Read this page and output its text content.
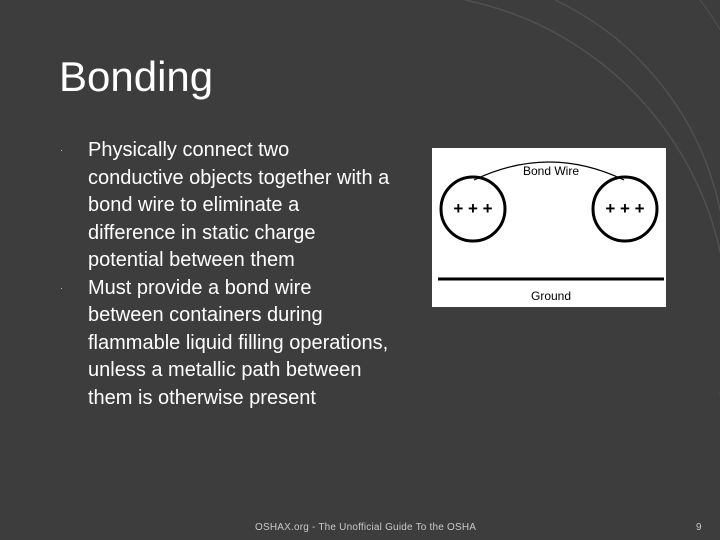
Bonding
· Physically connect two conductive objects together with a bond wire to eliminate a difference in static charge potential between them
· Must provide a bond wire between containers during flammable liquid filling operations, unless a metallic path between them is otherwise present
Bond Wire
+ + +	+ + +
Ground
OSHAX.org - The Unofficial Guide To the OSHA	9
